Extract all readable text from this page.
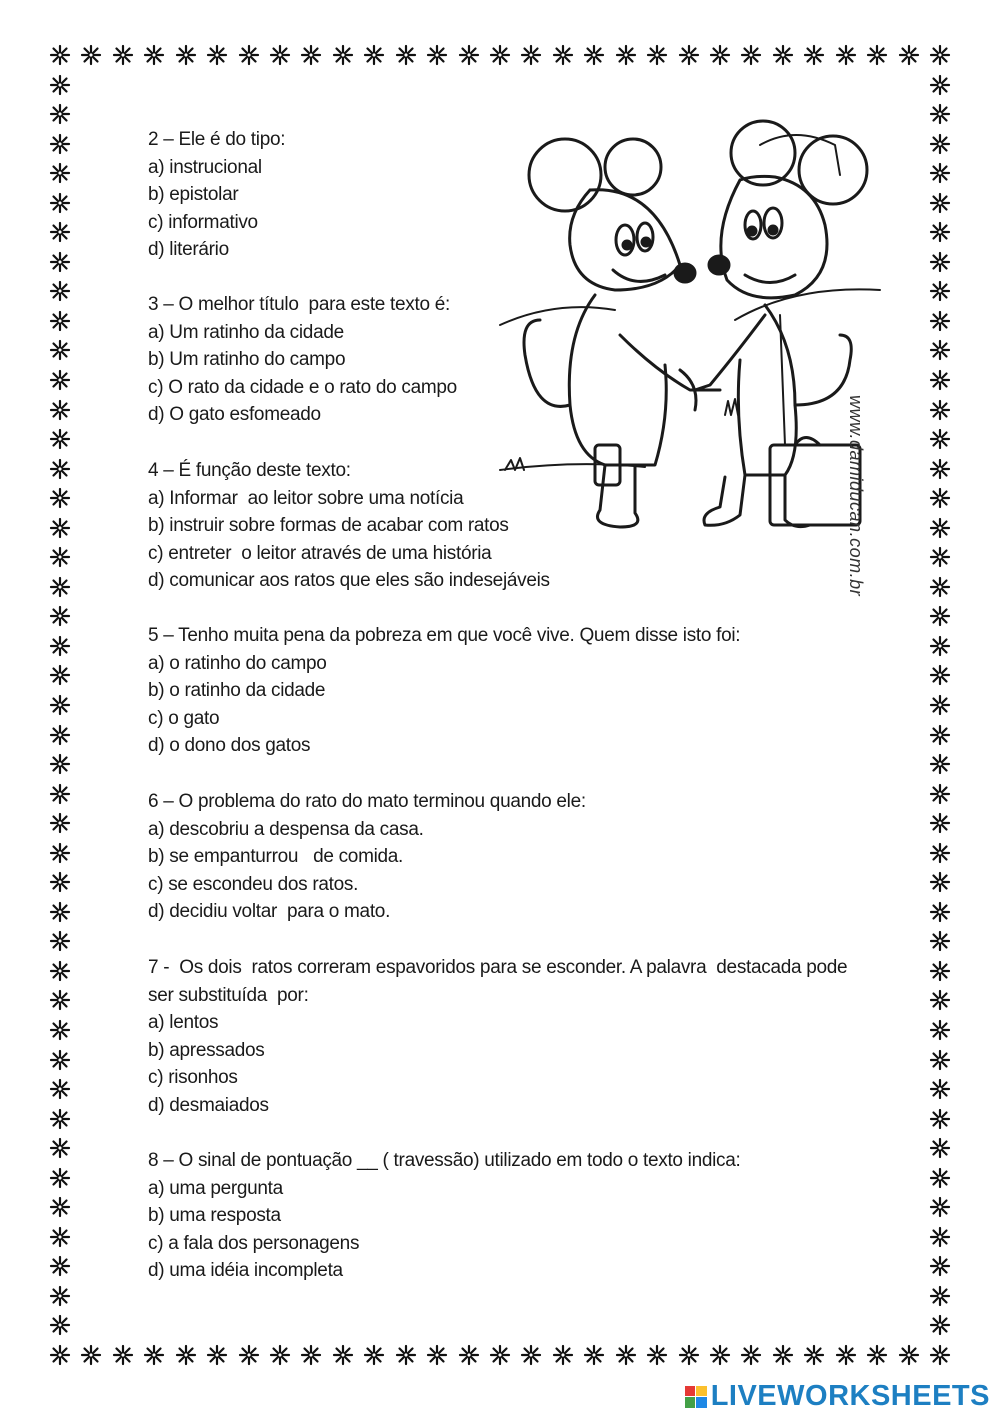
www.damiducan.com.br
2 – Ele é do tipo:
a) instrucional
b) epistolar
c) informativo
d) literário
3 – O melhor título  para este texto é:
a) Um ratinho da cidade
b) Um ratinho do campo
c) O rato da cidade e o rato do campo
d) O gato esfomeado
4 – É função deste texto:
a) Informar  ao leitor sobre uma notícia
b) instruir sobre formas de acabar com ratos
c) entreter  o leitor através de uma história
d) comunicar aos ratos que eles são indesejáveis
5 – Tenho muita pena da pobreza em que você vive. Quem disse isto foi:
a) o ratinho do campo
b) o ratinho da cidade
c) o gato
d) o dono dos gatos
6 – O problema do rato do mato terminou quando ele:
a) descobriu a despensa da casa.
b) se empanturrou   de comida.
c) se escondeu dos ratos.
d) decidiu voltar  para o mato.
7 -  Os dois  ratos correram espavoridos para se esconder. A palavra  destacada pode
ser substituída  por:
a) lentos
b) apressados
c) risonhos
d) desmaiados
8 – O sinal de pontuação __ ( travessão) utilizado em todo o texto indica:
a) uma pergunta
b) uma resposta
c) a fala dos personagens
d) uma idéia incompleta
LIVEWORKSHEETS
